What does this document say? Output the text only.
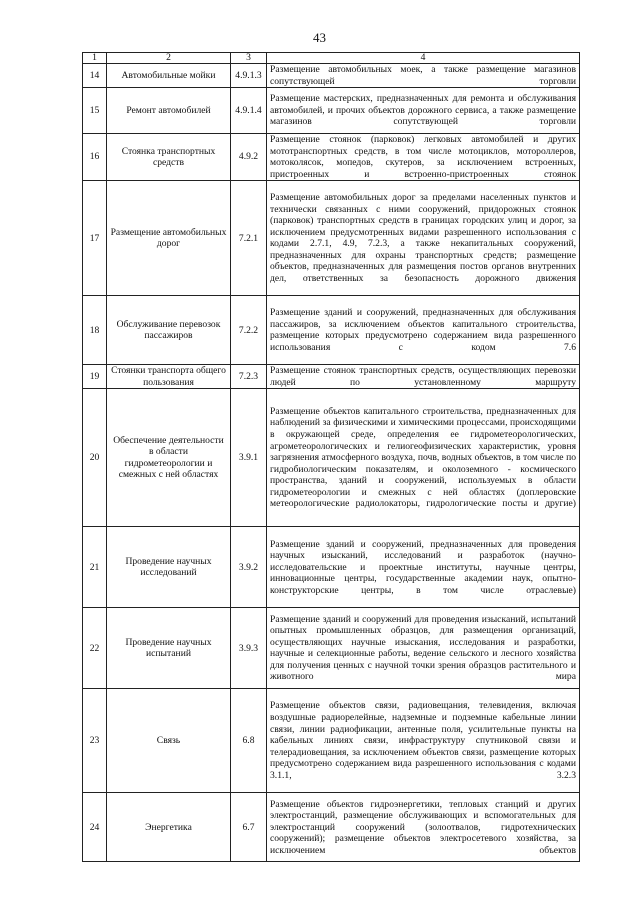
43
1	2	3	4
14	Автомобильные мойки	4.9.1.3	Размещение автомобильных моек, а также размещение магазинов сопутствующей торговли
15	Ремонт автомобилей	4.9.1.4	Размещение мастерских, предназначенных для ремонта и обслуживания автомобилей, и прочих объектов дорожного сервиса, а также размещение магазинов сопутствующей торговли
16	Стоянка транспортных средств	4.9.2	Размещение стоянок (парковок) легковых автомобилей и других мототранспортных средств, в том числе мотоциклов, мотороллеров, мотоколясок, мопедов, скутеров, за исключением встроенных, пристроенных и встроенно-пристроенных стоянок
17	Размещение автомобильных дорог	7.2.1	Размещение автомобильных дорог за пределами населенных пунктов и технически связанных с ними сооружений, придорожных стоянок (парковок) транспортных средств в границах городских улиц и дорог, за исключением предусмотренных видами разрешенного использования с кодами 2.7.1, 4.9, 7.2.3, а также некапитальных сооружений, предназначенных для охраны транспортных средств; размещение объектов, предназначенных для размещения постов органов внутренних дел, ответственных за безопасность дорожного движения
18	Обслуживание перевозок пассажиров	7.2.2	Размещение зданий и сооружений, предназначенных для обслуживания пассажиров, за исключением объектов капитального строительства, размещение которых предусмотрено содержанием вида разрешенного использования с кодом 7.6
19	Стоянки транспорта общего пользования	7.2.3	Размещение стоянок транспортных средств, осуществляющих перевозки людей по установленному маршруту
20	Обеспечение деятельности в области гидрометеорологии и смежных с ней областях	3.9.1	Размещение объектов капитального строительства, предназначенных для наблюдений за физическими и химическими процессами, происходящими в окружающей среде, определения ее гидрометеорологических, агрометеорологических и гелиогеофизических характеристик, уровня загрязнения атмосферного воздуха, почв, водных объектов, в том числе по гидробиологическим показателям, и околоземного - космического пространства, зданий и сооружений, используемых в области гидрометеорологии и смежных с ней областях (доплеровские метеорологические радиолокаторы, гидрологические посты и другие)
21	Проведение научных исследований	3.9.2	Размещение зданий и сооружений, предназначенных для проведения научных изысканий, исследований и разработок (научно-исследовательские и проектные институты, научные центры, инновационные центры, государственные академии наук, опытно-конструкторские центры, в том числе отраслевые)
22	Проведение научных испытаний	3.9.3	Размещение зданий и сооружений для проведения изысканий, испытаний опытных промышленных образцов, для размещения организаций, осуществляющих научные изыскания, исследования и разработки, научные и селекционные работы, ведение сельского и лесного хозяйства для получения ценных с научной точки зрения образцов растительного и животного мира
23	Связь	6.8	Размещение объектов связи, радиовещания, телевидения, включая воздушные радиорелейные, надземные и подземные кабельные линии связи, линии радиофикации, антенные поля, усилительные пункты на кабельных линиях связи, инфраструктуру спутниковой связи и телерадиовещания, за исключением объектов связи, размещение которых предусмотрено содержанием вида разрешенного использования с кодами 3.1.1, 3.2.3
24	Энергетика	6.7	Размещение объектов гидроэнергетики, тепловых станций и других электростанций, размещение обслуживающих и вспомогательных для электростанций сооружений (золоотвалов, гидротехнических сооружений); размещение объектов электросетевого хозяйства, за исключением объектов
